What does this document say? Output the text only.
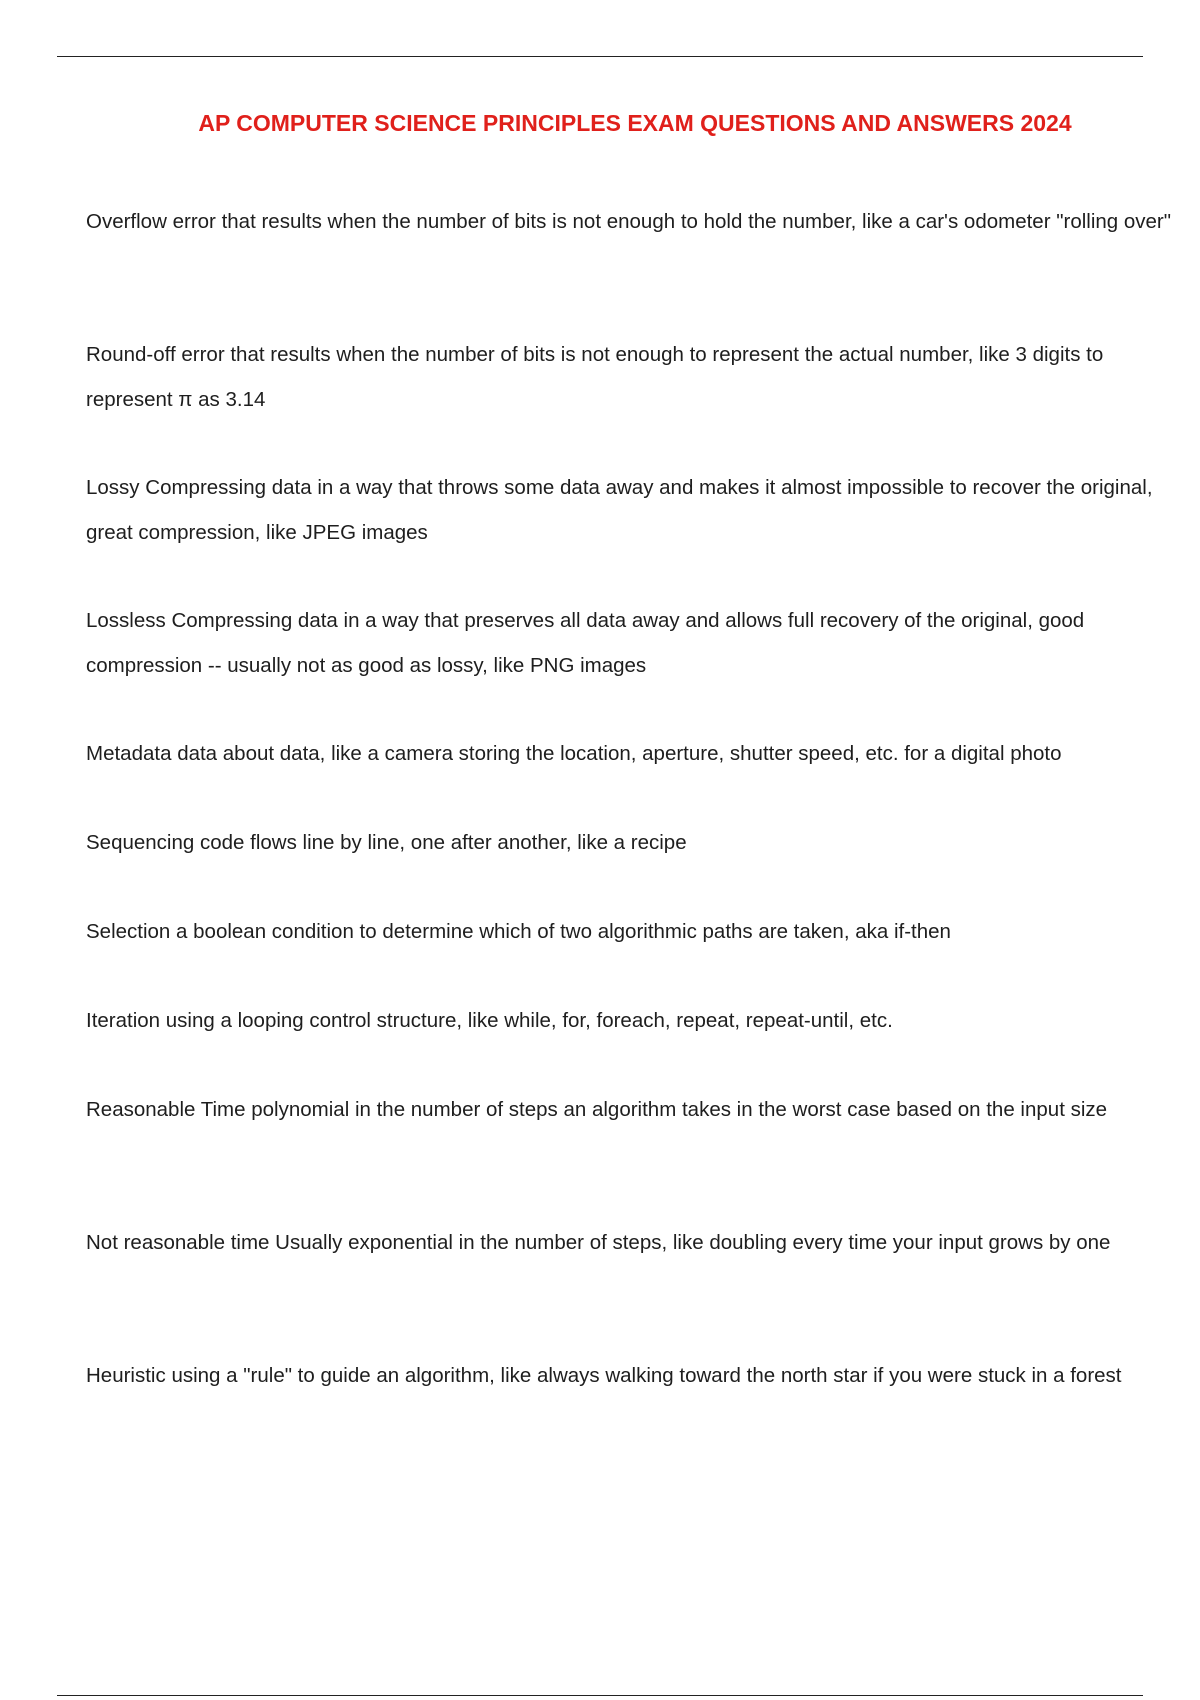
AP COMPUTER SCIENCE PRINCIPLES EXAM QUESTIONS AND ANSWERS 2024
Overflow error that results when the number of bits is not enough to hold the number, like a car's odometer "rolling over"
Round-off error that results when the number of bits is not enough to represent the actual number, like 3 digits to represent π as 3.14
Lossy Compressing data in a way that throws some data away and makes it almost impossible to recover the original, great compression, like JPEG images
Lossless Compressing data in a way that preserves all data away and allows full recovery of the original, good compression -- usually not as good as lossy, like PNG images
Metadata data about data, like a camera storing the location, aperture, shutter speed, etc. for a digital photo
Sequencing code flows line by line, one after another, like a recipe
Selection a boolean condition to determine which of two algorithmic paths are taken, aka if-then
Iteration using a looping control structure, like while, for, foreach, repeat, repeat-until, etc.
Reasonable Time polynomial in the number of steps an algorithm takes in the worst case based on the input size
Not reasonable time Usually exponential in the number of steps, like doubling every time your input grows by one
Heuristic using a "rule" to guide an algorithm, like always walking toward the north star if you were stuck in a forest
